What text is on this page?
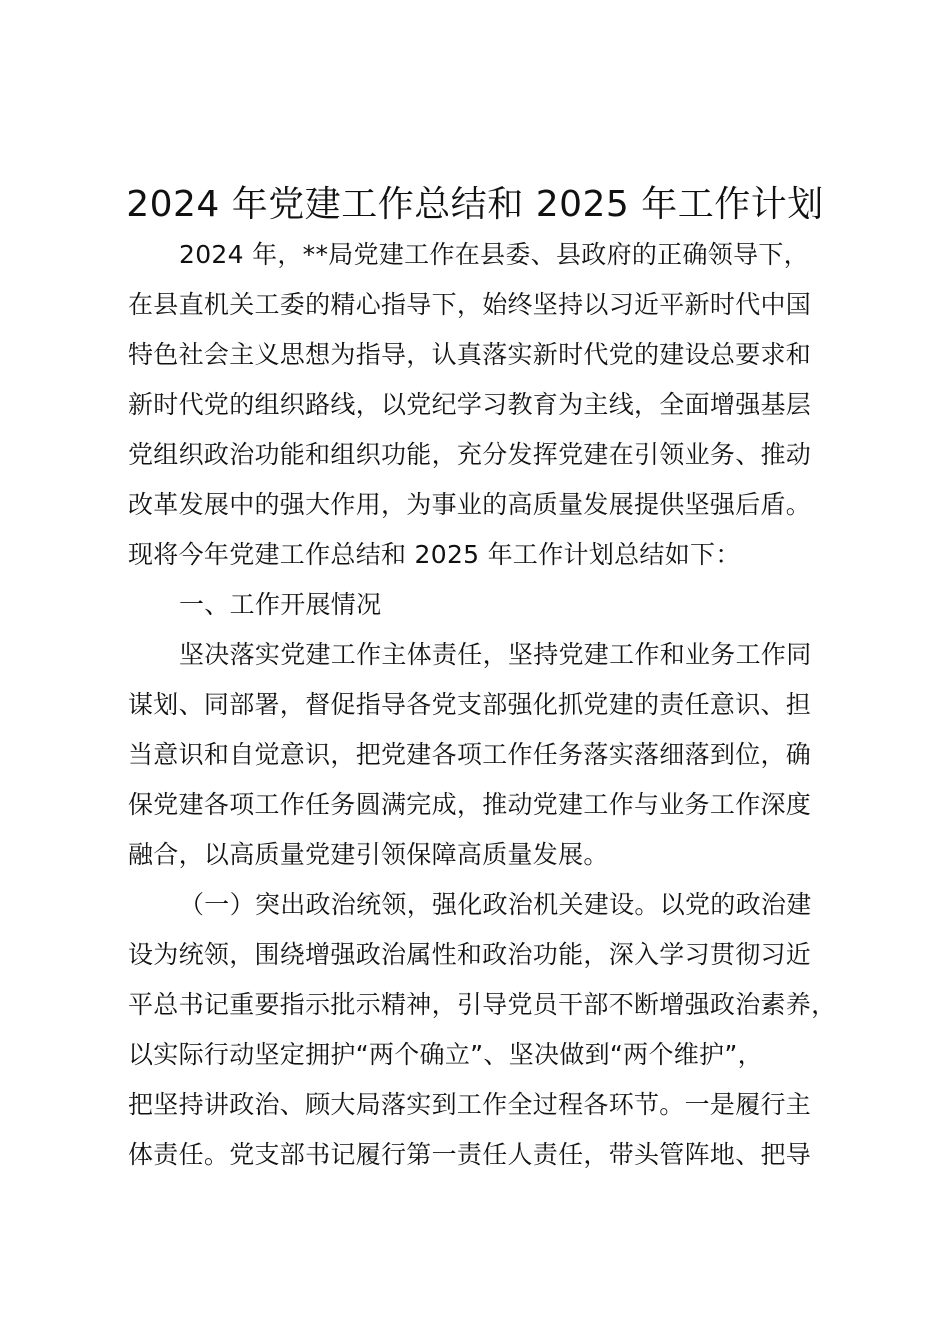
2024 年党建工作总结和 2025 年工作计划
2024 年，**局党建工作在县委、县政府的正确领导下，
在县直机关工委的精心指导下，始终坚持以习近平新时代中国
特色社会主义思想为指导，认真落实新时代党的建设总要求和
新时代党的组织路线，以党纪学习教育为主线，全面增强基层
党组织政治功能和组织功能，充分发挥党建在引领业务、推动
改革发展中的强大作用，为事业的高质量发展提供坚强后盾。
现将今年党建工作总结和 2025 年工作计划总结如下：
一、工作开展情况
坚决落实党建工作主体责任，坚持党建工作和业务工作同
谋划、同部署，督促指导各党支部强化抓党建的责任意识、担
当意识和自觉意识，把党建各项工作任务落实落细落到位，确
保党建各项工作任务圆满完成，推动党建工作与业务工作深度
融合，以高质量党建引领保障高质量发展。
（一）突出政治统领，强化政治机关建设。以党的政治建
设为统领，围绕增强政治属性和政治功能，深入学习贯彻习近
平总书记重要指示批示精神，引导党员干部不断增强政治素养，
以实际行动坚定拥护“两个确立”、坚决做到“两个维护”，
把坚持讲政治、顾大局落实到工作全过程各环节。一是履行主
体责任。党支部书记履行第一责任人责任，带头管阵地、把导
